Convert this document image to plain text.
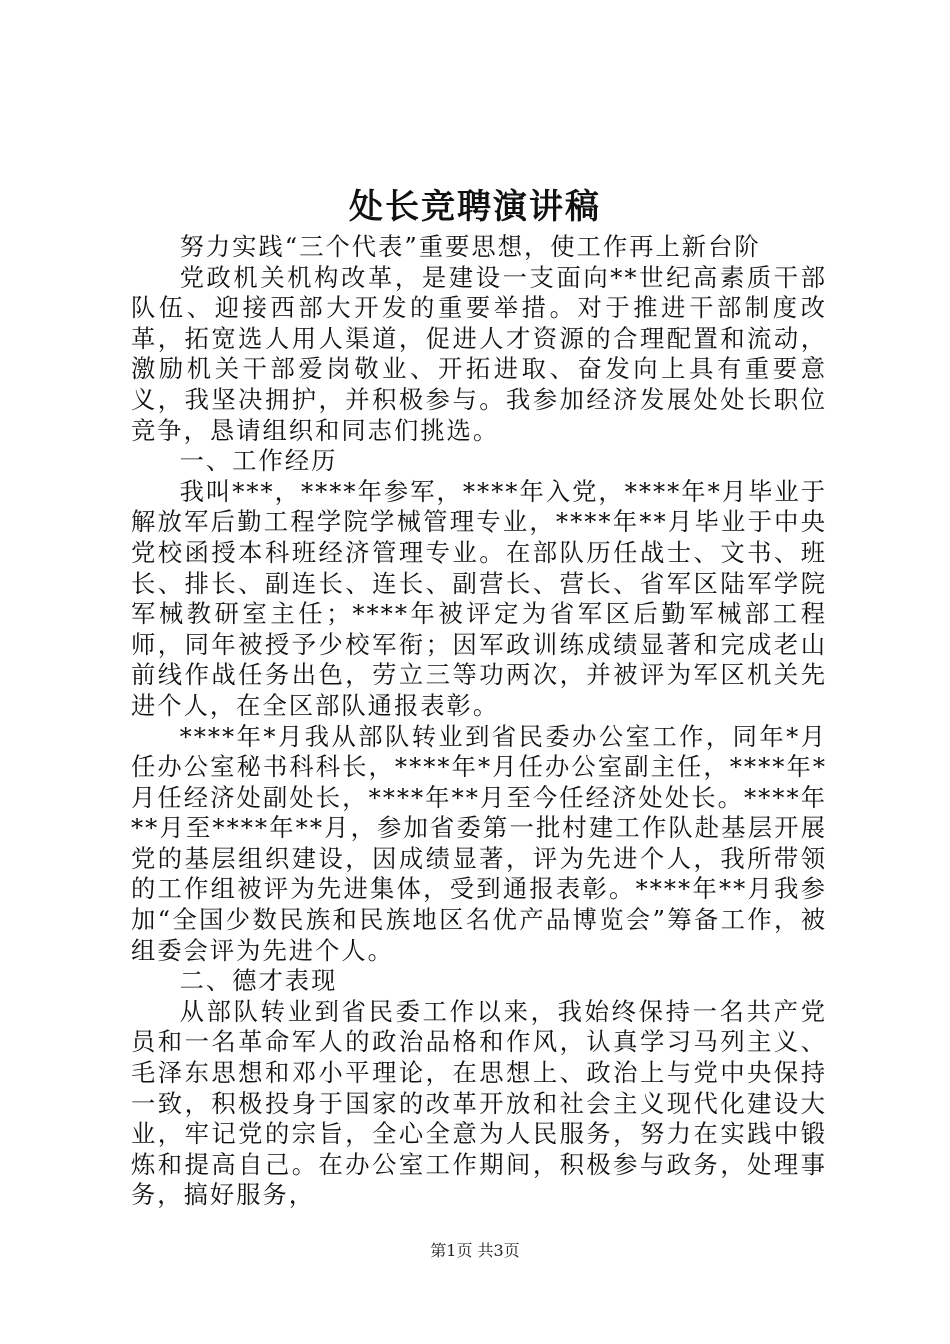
处长竞聘演讲稿

努力实践“三个代表”重要思想，使工作再上新台阶

党政机关机构改革，是建设一支面向**世纪高素质干部队伍、迎接西部大开发的重要举措。对于推进干部制度改革，拓宽选人用人渠道，促进人才资源的合理配置和流动，激励机关干部爱岗敬业、开拓进取、奋发向上具有重要意义，我坚决拥护，并积极参与。我参加经济发展处处长职位竞争，恳请组织和同志们挑选。

一、工作经历

我叫***，****年参军，****年入党，****年*月毕业于解放军后勤工程学院学械管理专业，****年**月毕业于中央党校函授本科班经济管理专业。在部队历任战士、文书、班长、排长、副连长、连长、副营长、营长、省军区陆军学院军械教研室主任；****年被评定为省军区后勤军械部工程师，同年被授予少校军衔；因军政训练成绩显著和完成老山前线作战任务出色，劳立三等功两次，并被评为军区机关先进个人，在全区部队通报表彰。

****年*月我从部队转业到省民委办公室工作，同年*月任办公室秘书科科长，****年*月任办公室副主任，****年*月任经济处副处长，****年**月至今任经济处处长。****年**月至****年**月，参加省委第一批村建工作队赴基层开展党的基层组织建设，因成绩显著，评为先进个人，我所带领的工作组被评为先进集体，受到通报表彰。****年**月我参加“全国少数民族和民族地区名优产品博览会”筹备工作，被组委会评为先进个人。

二、德才表现

从部队转业到省民委工作以来，我始终保持一名共产党员和一名革命军人的政治品格和作风，认真学习马列主义、毛泽东思想和邓小平理论，在思想上、政治上与党中央保持一致，积极投身于国家的改革开放和社会主义现代化建设大业，牢记党的宗旨，全心全意为人民服务，努力在实践中锻炼和提高自己。在办公室工作期间，积极参与政务，处理事务，搞好服务，

第1页 共3页
